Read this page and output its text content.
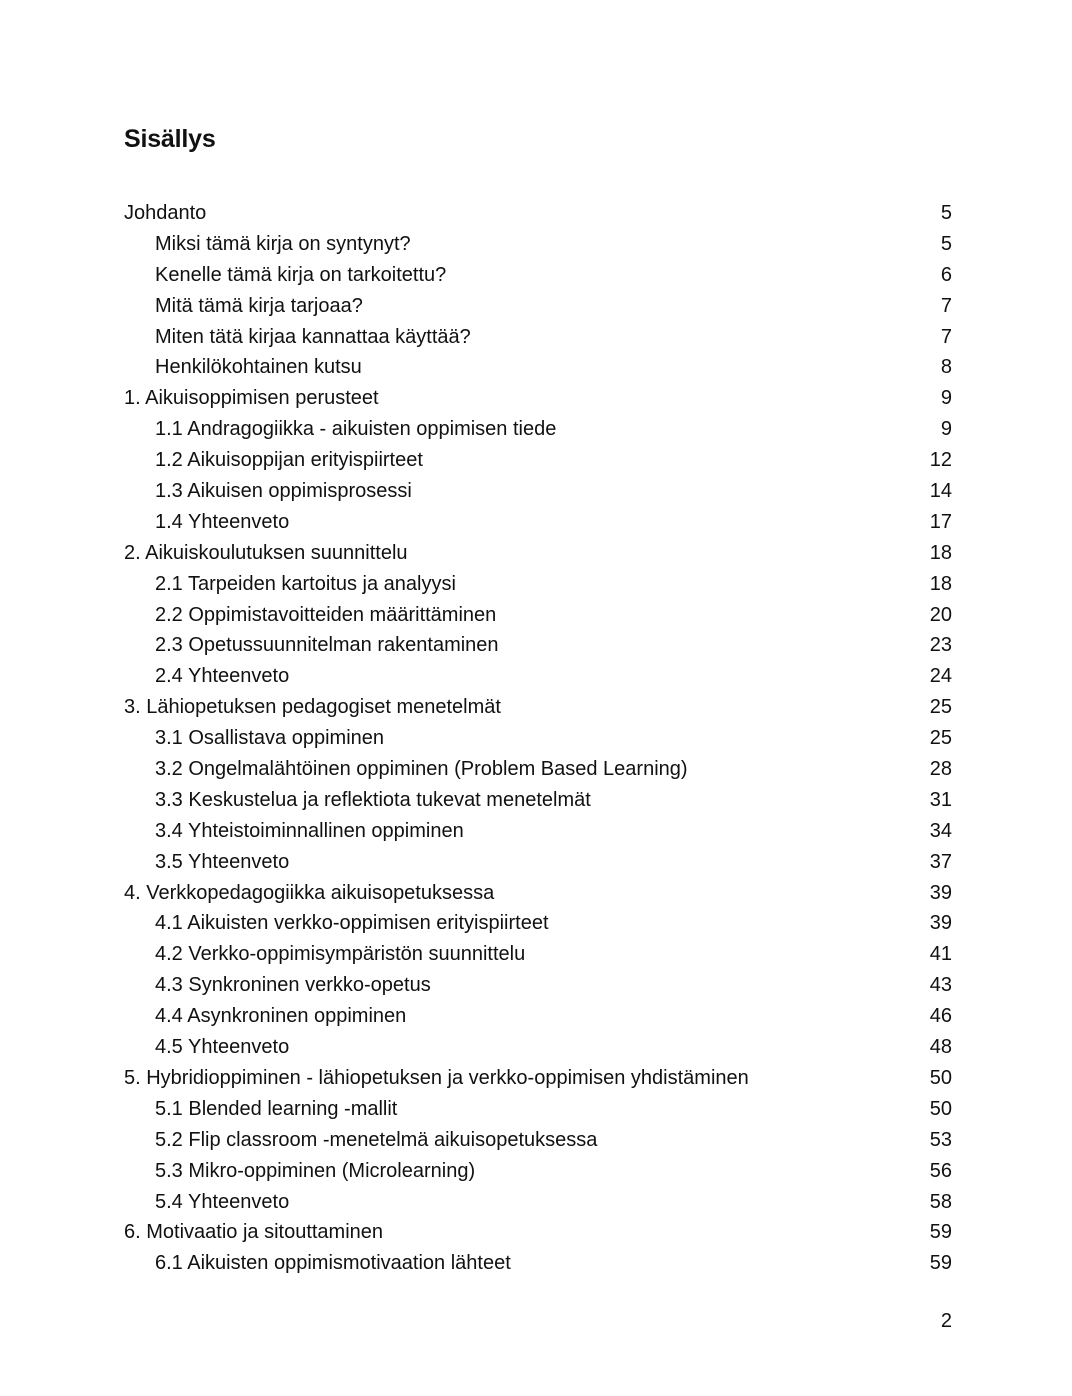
Sisällys
Johdanto	5
Miksi tämä kirja on syntynyt?	5
Kenelle tämä kirja on tarkoitettu?	6
Mitä tämä kirja tarjoaa?	7
Miten tätä kirjaa kannattaa käyttää?	7
Henkilökohtainen kutsu	8
1. Aikuisoppimisen perusteet	9
1.1 Andragogiikka - aikuisten oppimisen tiede	9
1.2 Aikuisoppijan erityispiirteet	12
1.3 Aikuisen oppimisprosessi	14
1.4 Yhteenveto	17
2. Aikuiskoulutuksen suunnittelu	18
2.1 Tarpeiden kartoitus ja analyysi	18
2.2 Oppimistavoitteiden määrittäminen	20
2.3 Opetussuunnitelman rakentaminen	23
2.4 Yhteenveto	24
3. Lähiopetuksen pedagogiset menetelmät	25
3.1 Osallistava oppiminen	25
3.2 Ongelmalähtöinen oppiminen (Problem Based Learning)	28
3.3 Keskustelua ja reflektiota tukevat menetelmät	31
3.4 Yhteistoiminnallinen oppiminen	34
3.5 Yhteenveto	37
4. Verkkopedagogiikka aikuisopetuksessa	39
4.1 Aikuisten verkko-oppimisen erityispiirteet	39
4.2 Verkko-oppimisympäristön suunnittelu	41
4.3 Synkroninen verkko-opetus	43
4.4 Asynkroninen oppiminen	46
4.5 Yhteenveto	48
5. Hybridioppiminen - lähiopetuksen ja verkko-oppimisen yhdistäminen	50
5.1 Blended learning -mallit	50
5.2 Flip classroom -menetelmä aikuisopetuksessa	53
5.3 Mikro-oppiminen (Microlearning)	56
5.4 Yhteenveto	58
6. Motivaatio ja sitouttaminen	59
6.1 Aikuisten oppimismotivaation lähteet	59
2
